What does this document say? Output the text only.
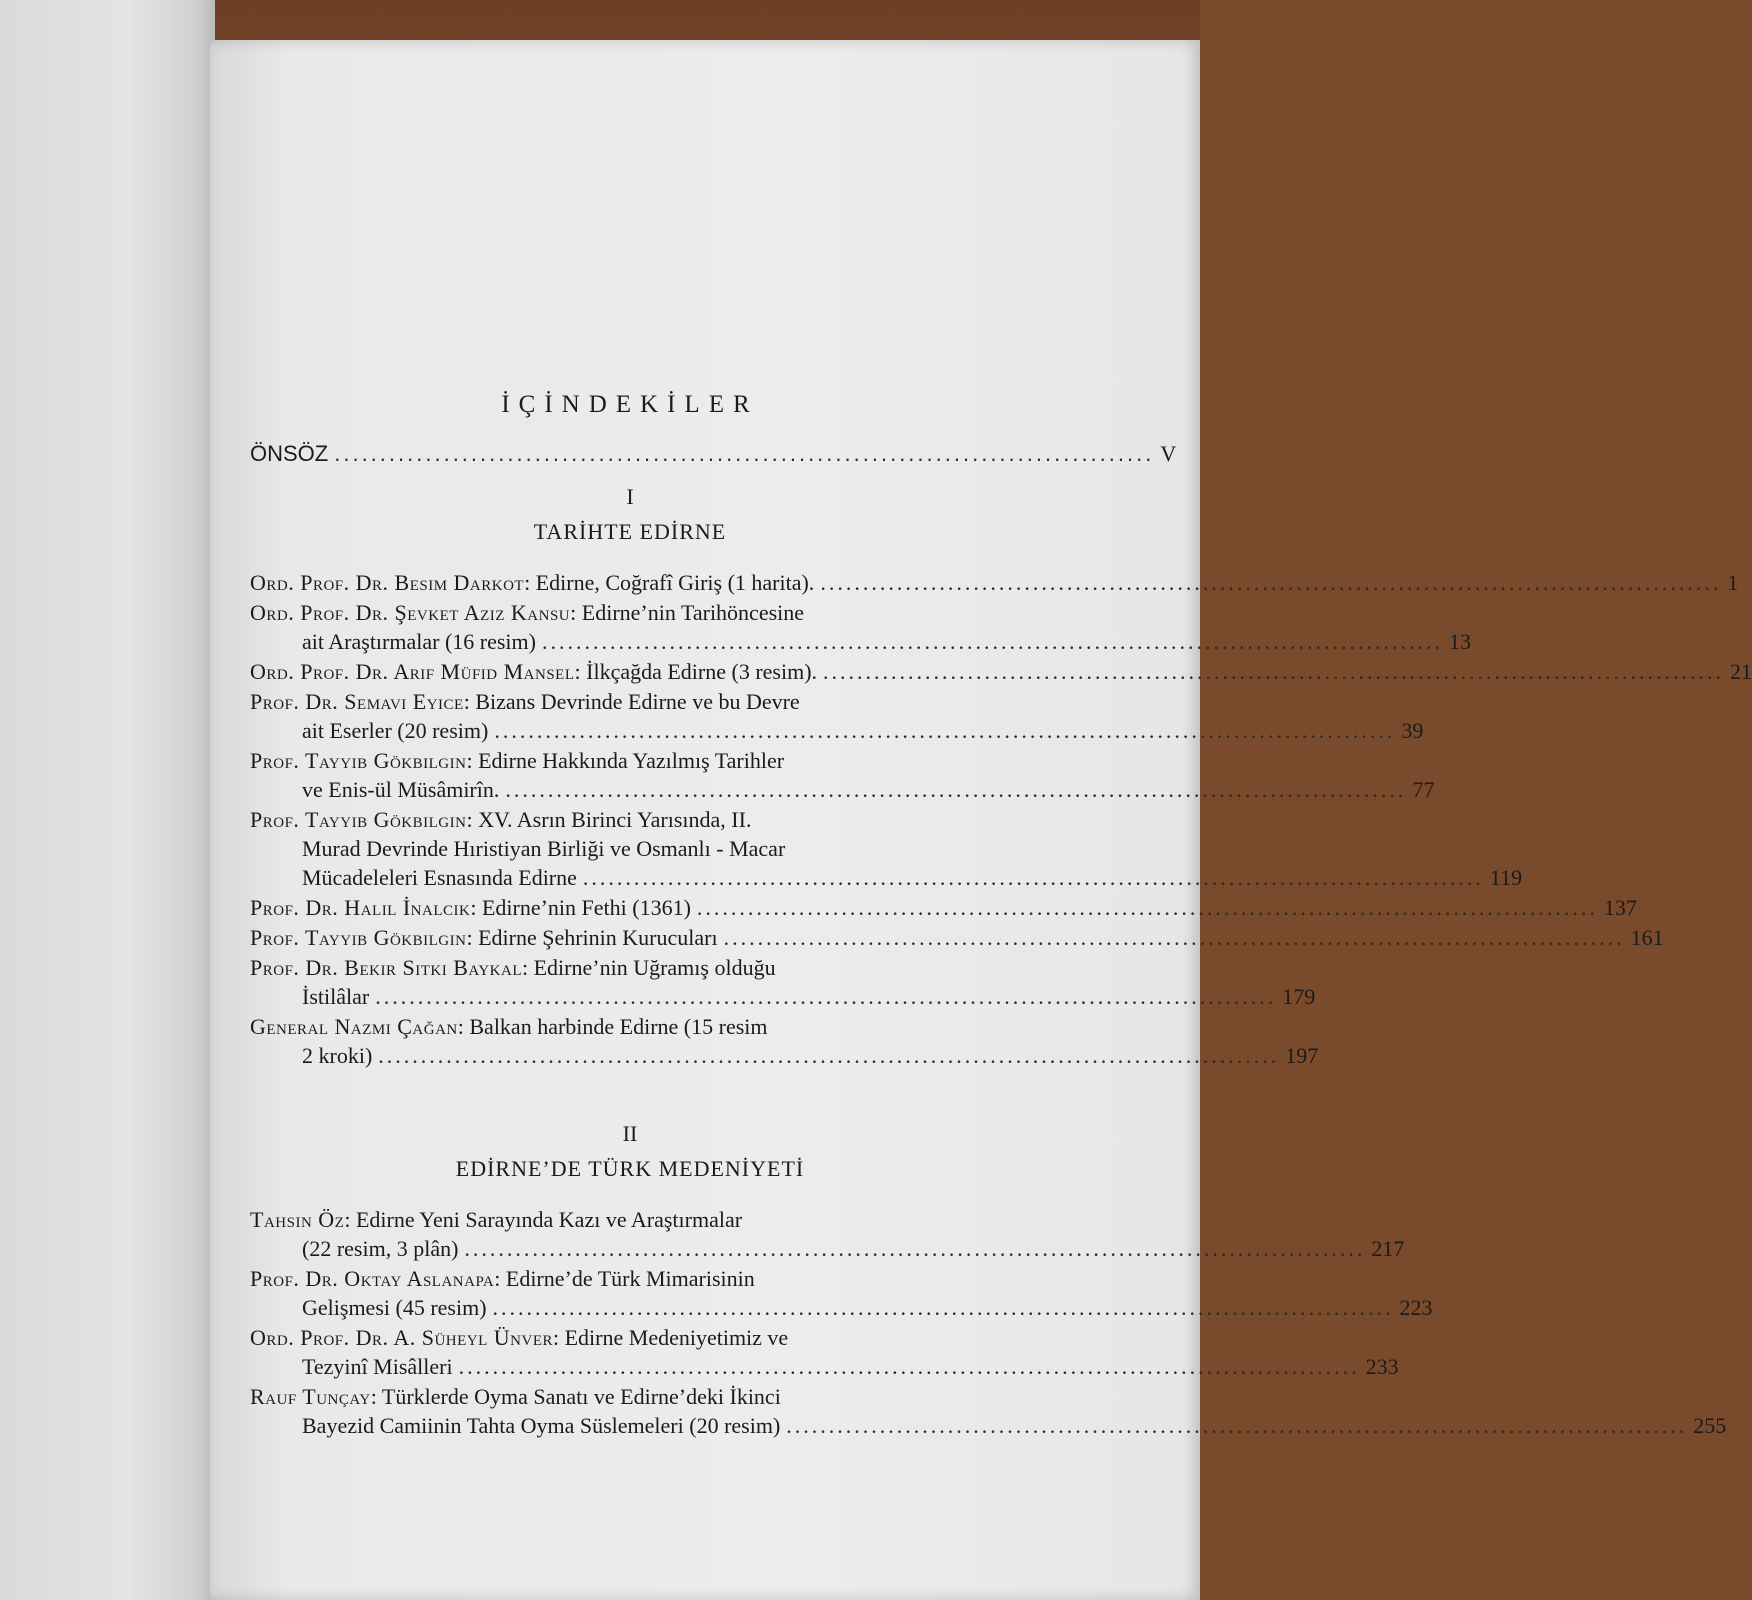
İÇİNDEKİLER
ÖNSÖZ .......................................................................................... V
I
TARİHTE EDİRNE
Ord. Prof. Dr. Besim Darkot: Edirne, Coğrafî Giriş (1 harita). .......................................................................................................... 1
Ord. Prof. Dr. Şevket Aziz Kansu: Edirne’nin Tarihöncesine
ait Araştırmalar (16 resim) .......................................................................................................... 13
Ord. Prof. Dr. Arif Müfid Mansel: İlkçağda Edirne (3 resim). .......................................................................................................... 21
Prof. Dr. Semavi Eyice: Bizans Devrinde Edirne ve bu Devre
ait Eserler (20 resim) .......................................................................................................... 39
Prof. Tayyib Gökbilgin: Edirne Hakkında Yazılmış Tarihler
ve Enis-ül Müsâmirîn. .......................................................................................................... 77
Prof. Tayyib Gökbilgin: XV. Asrın Birinci Yarısında, II.
Murad Devrinde Hıristiyan Birliği ve Osmanlı - Macar
Mücadeleleri Esnasında Edirne .......................................................................................................... 119
Prof. Dr. Halil İnalcık: Edirne’nin Fethi (1361) .......................................................................................................... 137
Prof. Tayyib Gökbilgin: Edirne Şehrinin Kurucuları .......................................................................................................... 161
Prof. Dr. Bekir Sıtkı Baykal: Edirne’nin Uğramış olduğu
İstilâlar .......................................................................................................... 179
General Nazmi Çağan: Balkan harbinde Edirne (15 resim
2 kroki) .......................................................................................................... 197
II
EDİRNE’DE TÜRK MEDENİYETİ
Tahsin Öz: Edirne Yeni Sarayında Kazı ve Araştırmalar
(22 resim, 3 plân) .......................................................................................................... 217
Prof. Dr. Oktay Aslanapa: Edirne’de Türk Mimarisinin
Gelişmesi (45 resim) .......................................................................................................... 223
Ord. Prof. Dr. A. Süheyl Ünver: Edirne Medeniyetimiz ve
Tezyinî Misâlleri .......................................................................................................... 233
Rauf Tunçay: Türklerde Oyma Sanatı ve Edirne’deki İkinci
Bayezid Camiinin Tahta Oyma Süslemeleri (20 resim) .......................................................................................................... 255
